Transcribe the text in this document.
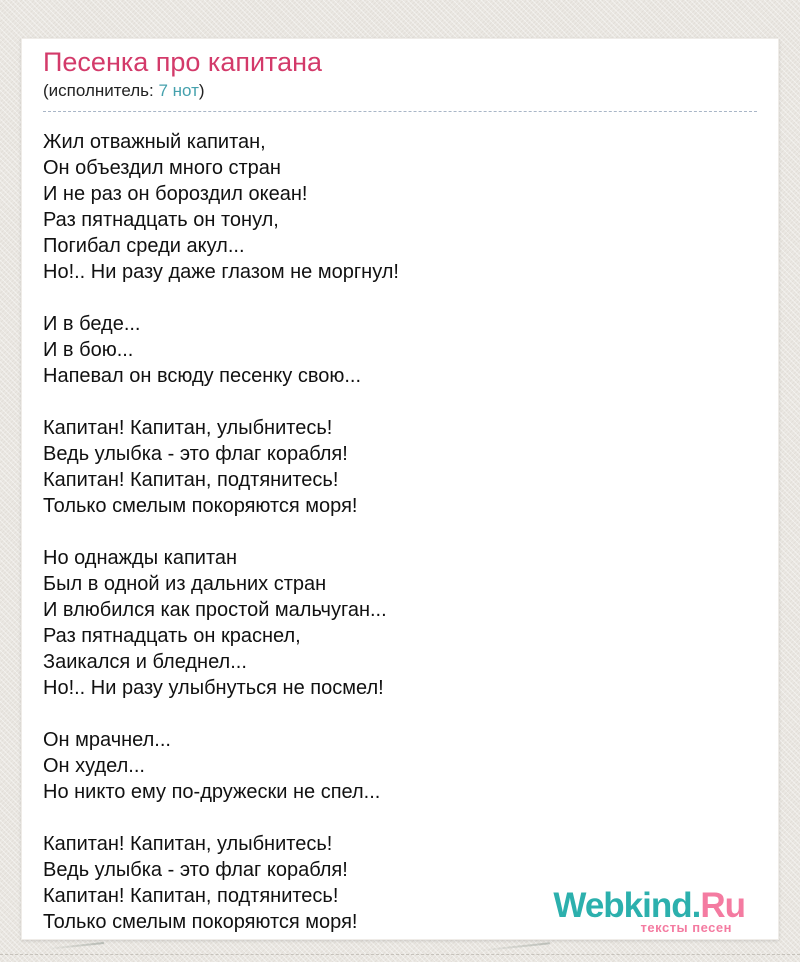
Песенка про капитана
(исполнитель: 7 нот)
Жил отважный капитан,
Он объездил много стран
И не раз он бороздил океан!
Раз пятнадцать он тонул,
Погибал среди акул...
Но!.. Ни разу даже глазом не моргнул!

И в беде...
И в бою...
Напевал он всюду песенку свою...

Капитан! Капитан, улыбнитесь!
Ведь улыбка - это флаг корабля!
Капитан! Капитан, подтянитесь!
Только смелым покоряются моря!

Но однажды капитан
Был в одной из дальних стран
И влюбился как простой мальчуган...
Раз пятнадцать он краснел,
Заикался и бледнел...
Но!.. Ни разу улыбнуться не посмел!

Он мрачнел...
Он худел...
Но никто ему по-дружески не спел...

Капитан! Капитан, улыбнитесь!
Ведь улыбка - это флаг корабля!
Капитан! Капитан, подтянитесь!
Только смелым покоряются моря!	Webkind.Ru
тексты песен
